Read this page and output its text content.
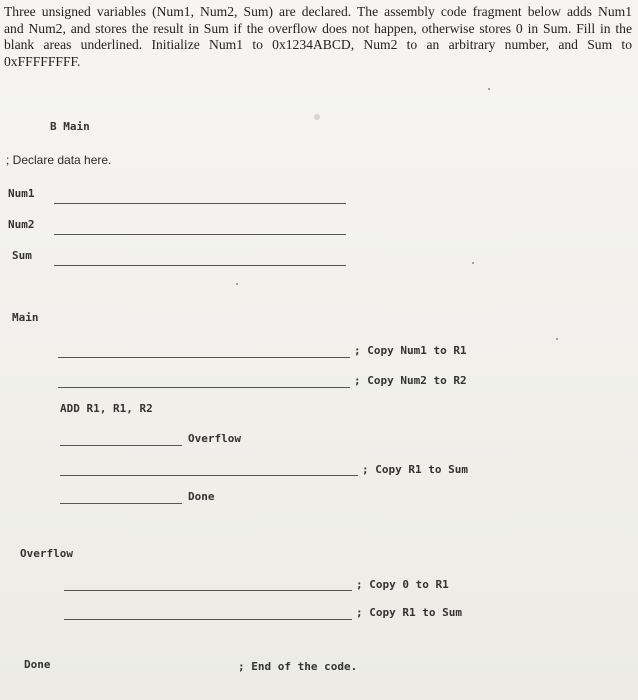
Three unsigned variables (Num1, Num2, Sum) are declared. The assembly code fragment below adds Num1
and Num2, and stores the result in Sum if the overflow does not happen, otherwise stores 0 in Sum. Fill in the
blank areas underlined. Initialize Num1 to 0x1234ABCD, Num2 to an arbitrary number, and Sum to
0xFFFFFFFF.
B Main
; Declare data here.
Num1
Num2
Sum
Main
; Copy Num1 to R1
; Copy Num2 to R2
ADD R1, R1, R2
Overflow
; Copy R1 to Sum
Done
Overflow
; Copy 0 to R1
; Copy R1 to Sum
Done	; End of the code.
